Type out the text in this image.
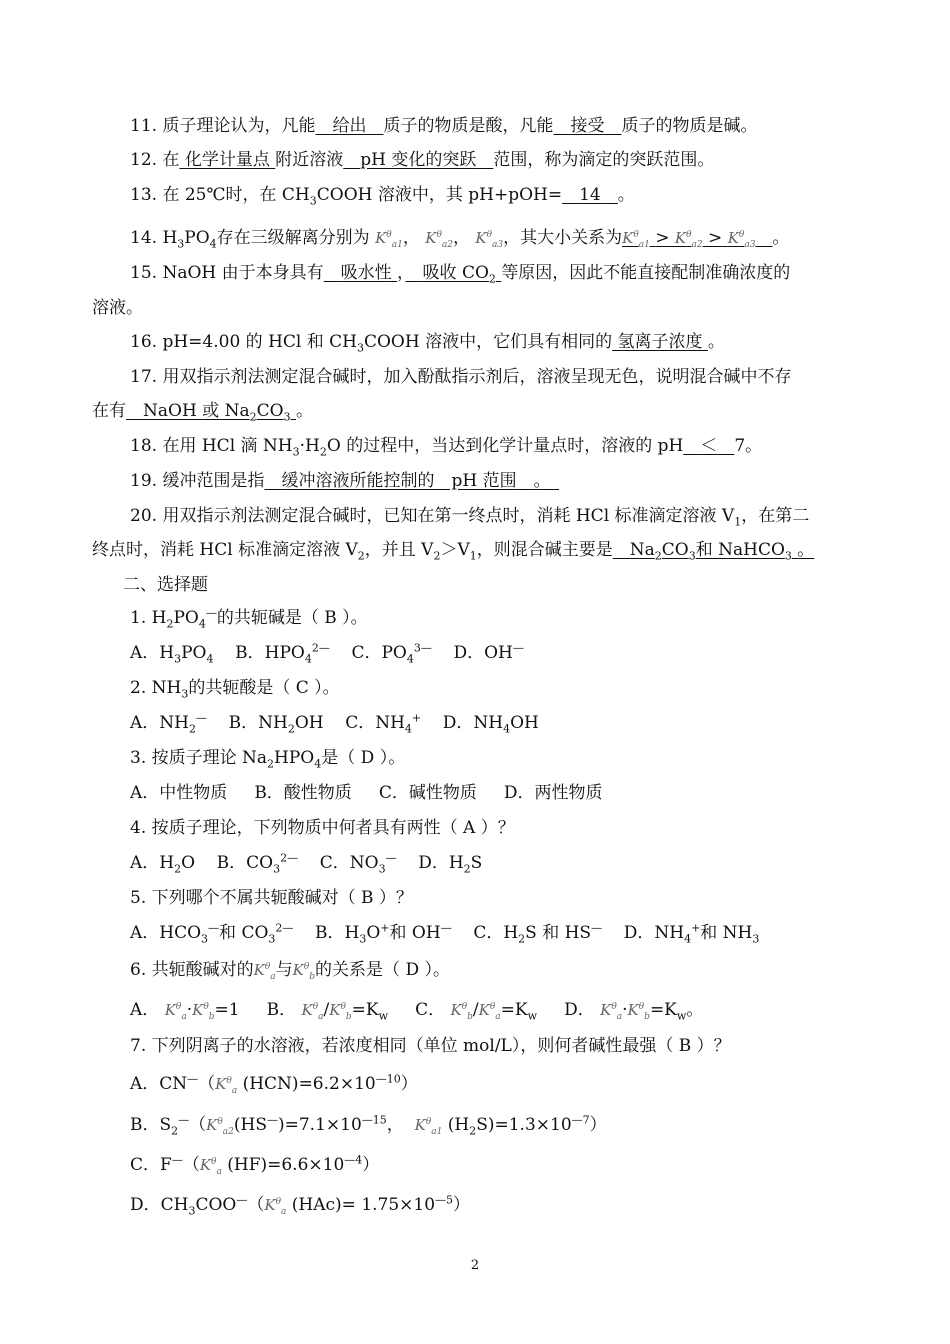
11. 质子理论认为，凡能　 给出　 质子的物质是酸，凡能　 接受　 质子的物质是碱。
12. 在 化学计量点 附近溶液　 pH 变化的突跃　 范围，称为滴定的突跃范围。
13. 在 25℃时，在 $CH_3COOH$ 溶液中，其 pH+pOH=　 14　 。
14. $H_3PO_4$存在三级解离分别为 $K^\theta_{a1}$， $K^\theta_{a2}$， $K^\theta_{a3}$，其大小关系为$K^\theta_{a1} > K^\theta_{a2} > K^\theta_{a3}$　 。
15. NaOH 由于本身具有　 吸水性 ，　 吸收 $CO_2$ 等原因，因此不能直接配制准确浓度的
溶液。
16. pH=4.00 的 HCl 和 $CH_3COOH$ 溶液中，它们具有相同的 氢离子浓度 。
17. 用双指示剂法测定混合碱时，加入酚酞指示剂后，溶液呈现无色，说明混合碱中不存
在有　 NaOH 或 $Na_2CO_3$ 。
18. 在用 HCl 滴 $NH_3\cdot H_2O$ 的过程中，当达到化学计量点时，溶液的 pH　 ＜　 7。
19. 缓冲范围是指　 缓冲溶液所能控制的　pH 范围　 。　
20. 用双指示剂法测定混合碱时，已知在第一终点时，消耗 HCl 标准滴定溶液 $V_1$，在第二
终点时，消耗 HCl 标准滴定溶液 $V_2$，并且 $V_2>V_1$，则混合碱主要是　 $Na_2CO_3$和 NaHCO$_3$ 。
二、选择题
1. $H_2PO_4^—$的共轭碱是（ B ）。
A．$H_3PO_4$ B．$HPO_4^{2—}$ C．$PO_4^{3—}$ D．OH—
2. $NH_3$的共轭酸是（ C ）。
A．$NH_2^—$ B．$NH_2OH$ C．$NH_4^+$ D．$NH_4OH$
3. 按质子理论 $Na_2HPO_4$是（ D ）。
A．中性物质 B．酸性物质 C．碱性物质 D．两性物质
4. 按质子理论，下列物质中何者具有两性（ A ）？
A．$H_2O$ B．$CO_3^{2—}$ C．$NO_3^—$ D．$H_2S$
5. 下列哪个不属共轭酸碱对（ B ）？
A．$HCO_3^—$和 $CO_3^{2—}$ B．$H_3O^+$和 OH— C．$H_2S$ 和 HS— D．$NH_4^+$和 $NH_3$
6. 共轭酸碱对的$K^\theta_a$与$K^\theta_b$的关系是（ D ）。
A． $K^\theta_a\cdot K^\theta_b=1$ B． $K^\theta_a/K^\theta_b=K_w$ C． $K^\theta_b/K^\theta_a=K_w$ D． $K^\theta_a\cdot K^\theta_b=K_w$。
7. 下列阴离子的水溶液，若浓度相同（单位 mol/L），则何者碱性最强（ B ）？
A．$CN^—(K^\theta_a$ $(HCN)=6.2\times 10^{—10}$）
B．$S_2^—(K^\theta_{a2}(HS^—)=7.1\times 10^{—15}$， $K^\theta_{a1}$ $(H_2S)=1.3\times 10^{—7}$）
C．$F^—(K^\theta_a$ $(HF)=6.6\times 10^{—4}$）
D．$CH_3COO^—(K^\theta_a$ $(HAc)= 1.75\times 10^{—5}$）
2
